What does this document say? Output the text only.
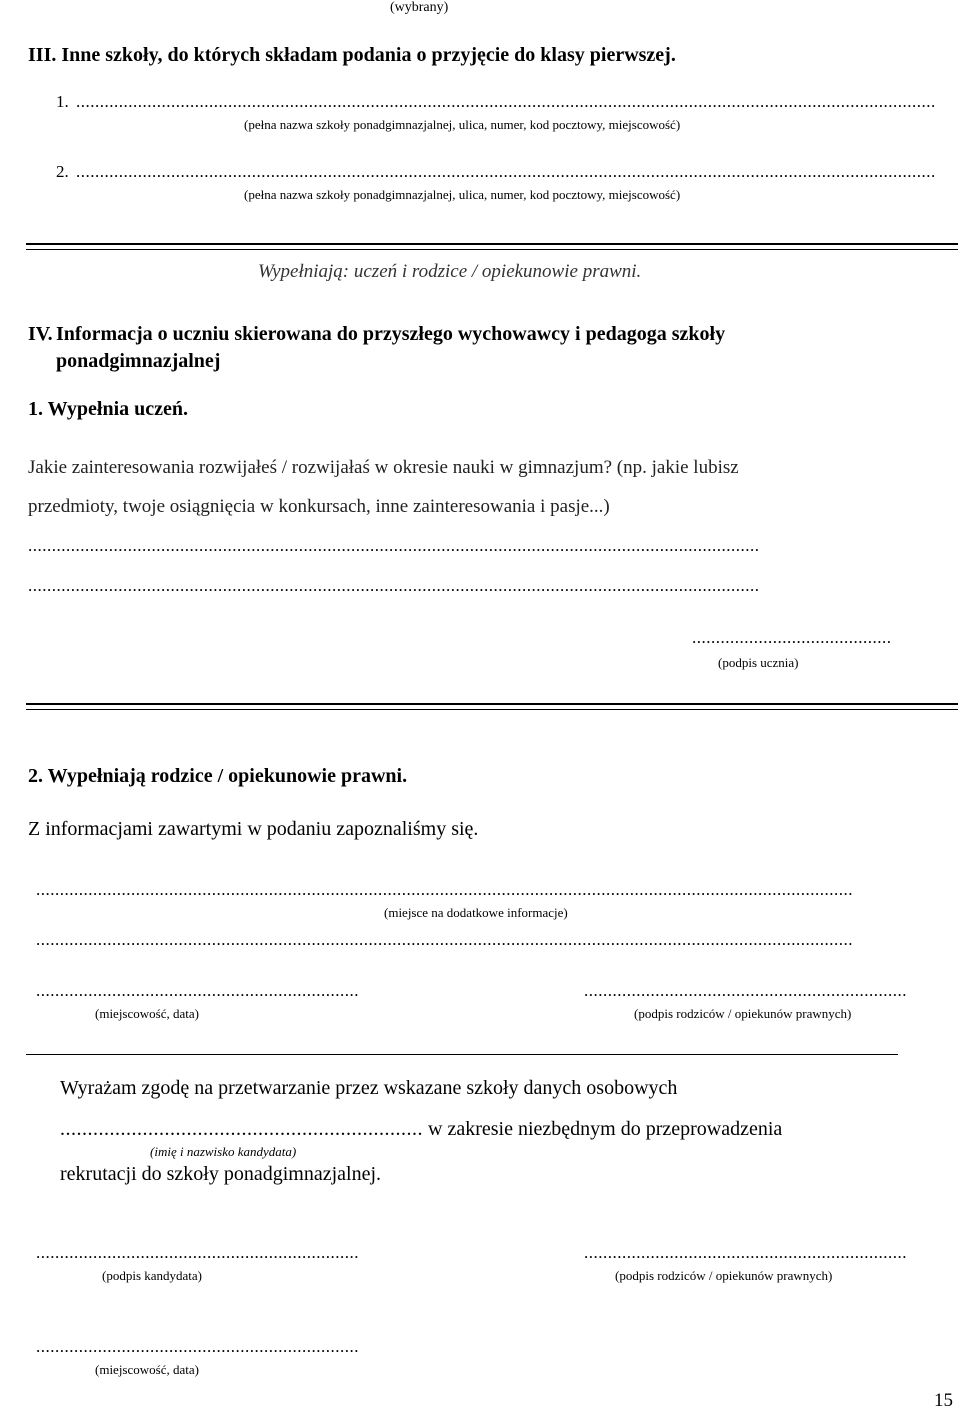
(wybrany)
III. Inne szkoły, do których składam podania o przyjęcie do klasy pierwszej.
1. .....................................................................................................................................................................................
(pełna nazwa szkoły ponadgimnazjalnej, ulica, numer, kod pocztowy, miejscowość)
2. .....................................................................................................................................................................................
(pełna nazwa szkoły ponadgimnazjalnej, ulica, numer, kod pocztowy, miejscowość)
Wypełniają: uczeń i rodzice / opiekunowie prawni.
IV. Informacja o uczniu skierowana do przyszłego wychowawcy i pedagoga szkoły
ponadgimnazjalnej
1. Wypełnia uczeń.
Jakie zainteresowania rozwijałeś / rozwijałaś w okresie nauki w gimnazjum? (np. jakie lubisz
przedmioty, twoje osiągnięcia w konkursach, inne zainteresowania i pasje...)
..........................................................................................................................................................
..........................................................................................................................................................
..........................................
(podpis ucznia)
2. Wypełniają rodzice / opiekunowie prawni.
Z informacjami zawartymi w podaniu zapoznaliśmy się.
............................................................................................................................................................................
(miejsce na dodatkowe informacje)
............................................................................................................................................................................
....................................................................
(miejscowość, data)
....................................................................
(podpis rodziców / opiekunów prawnych)
Wyrażam zgodę na przetwarzanie przez wskazane szkoły danych osobowych
.................................................................. w zakresie niezbędnym do przeprowadzenia
(imię i nazwisko kandydata)
rekrutacji do szkoły ponadgimnazjalnej.
....................................................................
(podpis kandydata)
....................................................................
(podpis rodziców / opiekunów prawnych)
....................................................................
(miejscowość, data)
15
